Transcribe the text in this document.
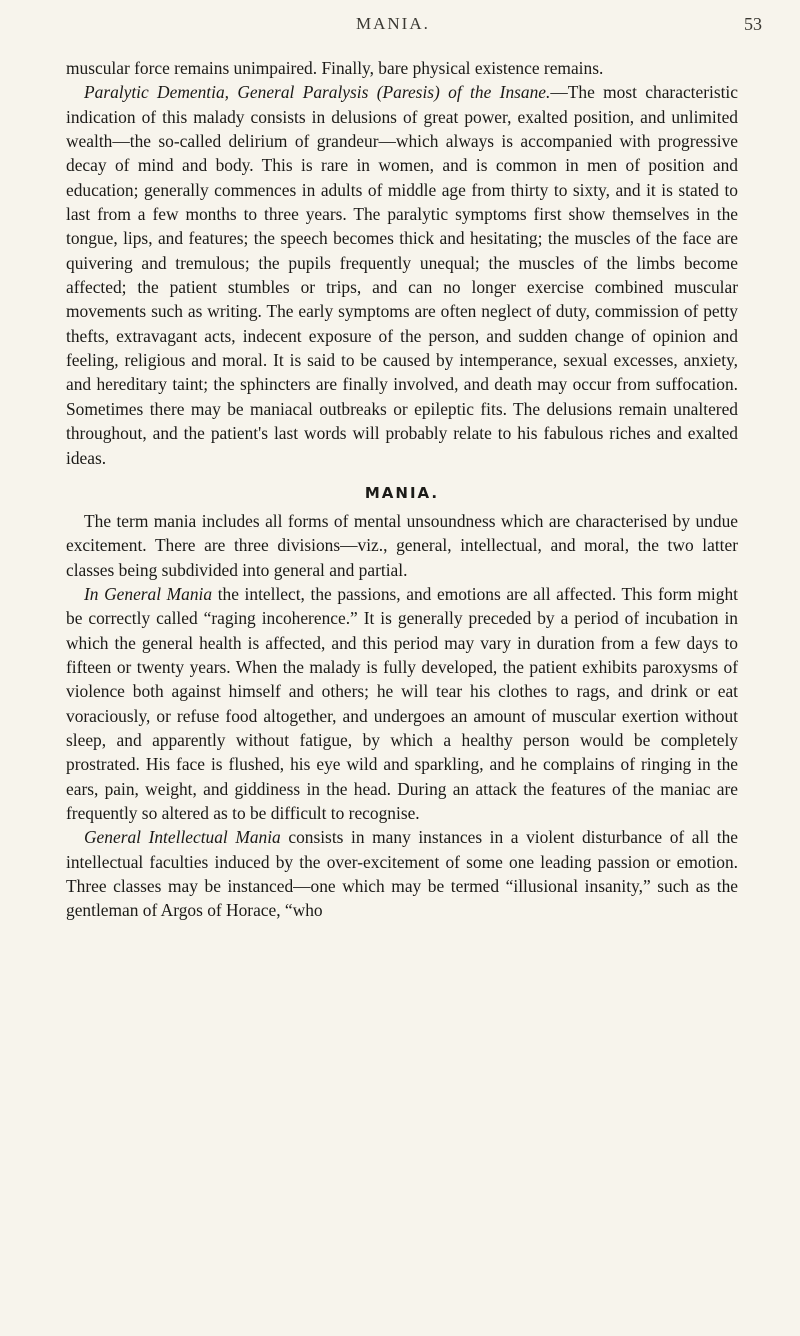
MANIA.	53

muscular force remains unimpaired. Finally, bare physical existence remains.

Paralytic Dementia, General Paralysis (Paresis) of the Insane.—The most characteristic indication of this malady consists in delusions of great power, exalted position, and unlimited wealth—the so-called delirium of grandeur—which always is accompanied with progressive decay of mind and body. This is rare in women, and is common in men of position and education; generally commences in adults of middle age from thirty to sixty, and it is stated to last from a few months to three years. The paralytic symptoms first show themselves in the tongue, lips, and features; the speech becomes thick and hesitating; the muscles of the face are quivering and tremulous; the pupils frequently unequal; the muscles of the limbs become affected; the patient stumbles or trips, and can no longer exercise combined muscular movements such as writing. The early symptoms are often neglect of duty, commission of petty thefts, extravagant acts, indecent exposure of the person, and sudden change of opinion and feeling, religious and moral. It is said to be caused by intemperance, sexual excesses, anxiety, and hereditary taint; the sphincters are finally involved, and death may occur from suffocation. Sometimes there may be maniacal outbreaks or epileptic fits. The delusions remain unaltered throughout, and the patient's last words will probably relate to his fabulous riches and exalted ideas.

MANIA.

The term mania includes all forms of mental unsoundness which are characterised by undue excitement. There are three divisions—viz., general, intellectual, and moral, the two latter classes being subdivided into general and partial.

In General Mania the intellect, the passions, and emotions are all affected. This form might be correctly called “raging incoherence.” It is generally preceded by a period of incubation in which the general health is affected, and this period may vary in duration from a few days to fifteen or twenty years. When the malady is fully developed, the patient exhibits paroxysms of violence both against himself and others; he will tear his clothes to rags, and drink or eat voraciously, or refuse food altogether, and undergoes an amount of muscular exertion without sleep, and apparently without fatigue, by which a healthy person would be completely prostrated. His face is flushed, his eye wild and sparkling, and he complains of ringing in the ears, pain, weight, and giddiness in the head. During an attack the features of the maniac are frequently so altered as to be difficult to recognise.

General Intellectual Mania consists in many instances in a violent disturbance of all the intellectual faculties induced by the over-excitement of some one leading passion or emotion. Three classes may be instanced—one which may be termed “illusional insanity,” such as the gentleman of Argos of Horace, “who
